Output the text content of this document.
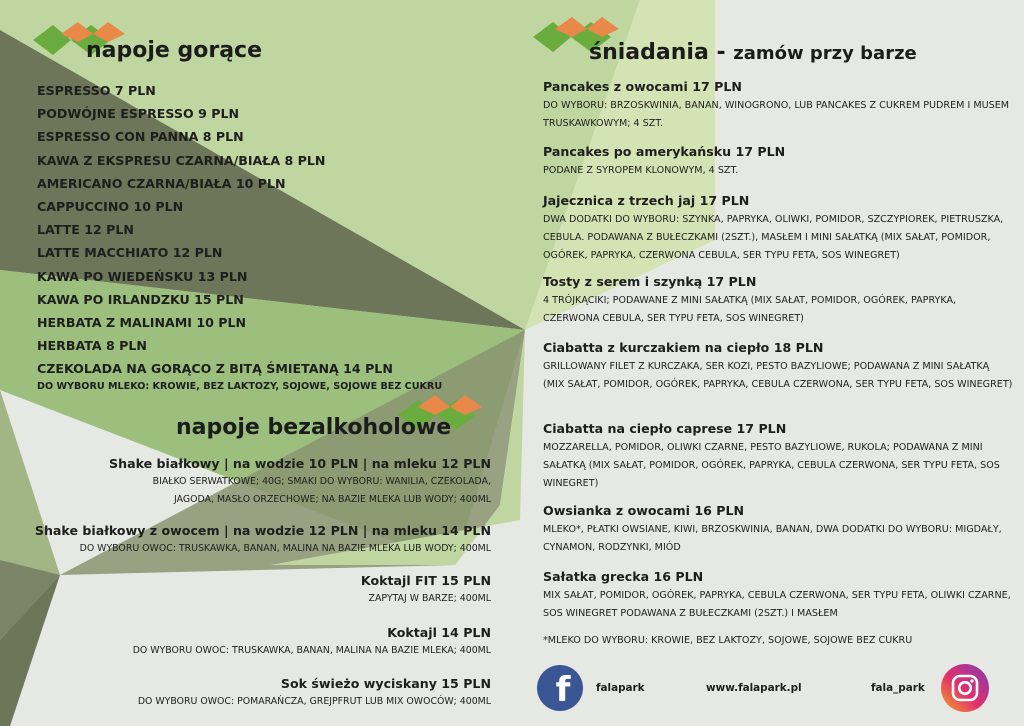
napoje gorące
ESPRESSO 7 PLN
PODWÓJNE ESPRESSO 9 PLN
ESPRESSO CON PANNA 8 PLN
KAWA Z EKSPRESU CZARNA/BIAŁA 8 PLN
AMERICANO CZARNA/BIAŁA 10 PLN
CAPPUCCINO 10 PLN
LATTE 12 PLN
LATTE MACCHIATO 12 PLN
KAWA PO WIEDEŃSKU 13 PLN
KAWA PO IRLANDZKU 15 PLN
HERBATA Z MALINAMI 10 PLN
HERBATA 8 PLN
CZEKOLADA NA GORĄCO Z BITĄ ŚMIETANĄ 14 PLN
DO WYBORU MLEKO: KROWIE, BEZ LAKTOZY, SOJOWE, SOJOWE BEZ CUKRU
napoje bezalkoholowe
Shake białkowy | na wodzie 10 PLN | na mleku 12 PLN
BIAŁKO SERWATKOWE; 40G; SMAKI DO WYBORU: WANILIA, CZEKOLADA,
JAGODA, MASŁO ORZECHOWE; NA BAZIE MLEKA LUB WODY; 400ML
Shake białkowy z owocem | na wodzie 12 PLN | na mleku 14 PLN
DO WYBORU OWOC: TRUSKAWKA, BANAN, MALINA NA BAZIE MLEKA LUB WODY; 400ML
Koktajl FIT 15 PLN
ZAPYTAJ W BARZE; 400ML
Koktajl 14 PLN
DO WYBORU OWOC: TRUSKAWKA, BANAN, MALINA NA BAZIE MLEKA; 400ML
Sok świeżo wyciskany 15 PLN
DO WYBORU OWOC: POMARAŃCZA, GREJPFRUT LUB MIX OWOCÓW; 400ML
śniadania - zamów przy barze
Pancakes z owocami 17 PLN
DO WYBORU: BRZOSKWINIA, BANAN, WINOGRONO, LUB PANCAKES Z CUKREM PUDREM I MUSEM TRUSKAWKOWYM; 4 SZT.
Pancakes po amerykańsku 17 PLN
PODANE Z SYROPEM KLONOWYM, 4 SZT.
Jajecznica z trzech jaj 17 PLN
DWA DODATKI DO WYBORU: SZYNKA, PAPRYKA, OLIWKI, POMIDOR, SZCZYPIOREK, PIETRUSZKA, CEBULA. PODAWANA Z BUŁECZKAMI (2SZT.), MASŁEM I MINI SAŁATKĄ (MIX SAŁAT, POMIDOR, OGÓREK, PAPRYKA, CZERWONA CEBULA, SER TYPU FETA, SOS WINEGRET)
Tosty z serem i szynką 17 PLN
4 TRÓJKĄCIKI; PODAWANE Z MINI SAŁATKĄ (MIX SAŁAT, POMIDOR, OGÓREK, PAPRYKA, CZERWONA CEBULA, SER TYPU FETA, SOS WINEGRET)
Ciabatta z kurczakiem na ciepło 18 PLN
GRILLOWANY FILET Z KURCZAKA, SER KOZI, PESTO BAZYLIOWE; PODAWANA Z MINI SAŁATKĄ (MIX SAŁAT, POMIDOR, OGÓREK, PAPRYKA, CEBULA CZERWONA, SER TYPU FETA, SOS WINEGRET)
Ciabatta na ciepło caprese 17 PLN
MOZZARELLA, POMIDOR, OLIWKI CZARNE, PESTO BAZYLIOWE, RUKOLA; PODAWANA Z MINI SAŁATKĄ (MIX SAŁAT, POMIDOR, OGÓREK, PAPRYKA, CEBULA CZERWONA, SER TYPU FETA, SOS WINEGRET)
Owsianka z owocami 16 PLN
MLEKO*, PŁATKI OWSIANE, KIWI, BRZOSKWINIA, BANAN, DWA DODATKI DO WYBORU: MIGDAŁY, CYNAMON, RODZYNKI, MIÓD
Sałatka grecka 16 PLN
MIX SAŁAT, POMIDOR, OGÓREK, PAPRYKA, CEBULA CZERWONA, SER TYPU FETA, OLIWKI CZARNE, SOS WINEGRET PODAWANA Z BUŁECZKAMI (2SZT.) I MASŁEM
*MLEKO DO WYBORU: KROWIE, BEZ LAKTOZY, SOJOWE, SOJOWE BEZ CUKRU
f falapark	www.falapark.pl	fala_park
